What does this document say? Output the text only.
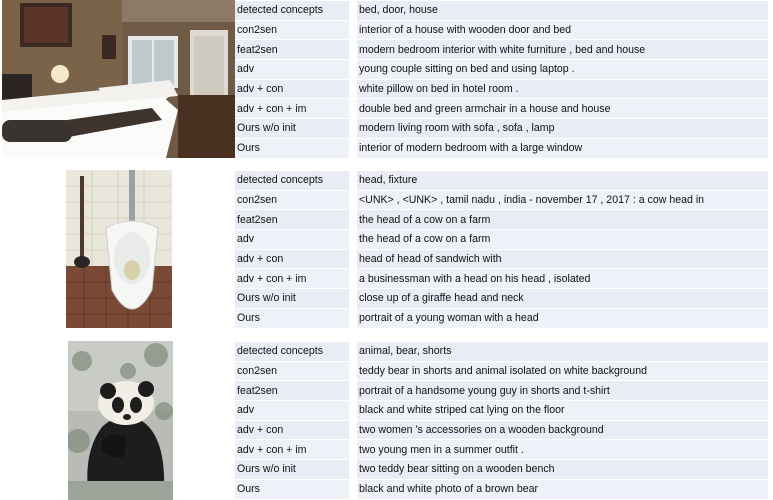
detected concepts		bed, door, house
con2sen		interior of a house with wooden door and bed
feat2sen		modern bedroom interior with white furniture , bed and house
adv		young couple sitting on bed and using laptop .
adv + con		white pillow on bed in hotel room .
adv + con + im		double bed and green armchair in a house and house
Ours w/o init		modern living room with sofa , sofa , lamp
Ours		interior of modern bedroom with a large window
detected concepts		head, fixture
con2sen		<UNK> , <UNK> , tamil nadu , india - november 17 , 2017 : a cow head in
feat2sen		the head of a cow on a farm
adv		the head of a cow on a farm
adv + con		head of head of sandwich with
adv + con + im		a businessman with a head on his head , isolated
Ours w/o init		close up of a giraffe head and neck
Ours		portrait of a young woman with a head
detected concepts		animal, bear, shorts
con2sen		teddy bear in shorts and animal isolated on white background
feat2sen		portrait of a handsome young guy in shorts and t-shirt
adv		black and white striped cat lying on the floor
adv + con		two women 's accessories on a wooden background
adv + con + im		two young men in a summer outfit .
Ours w/o init		two teddy bear sitting on a wooden bench
Ours		black and white photo of a brown bear
